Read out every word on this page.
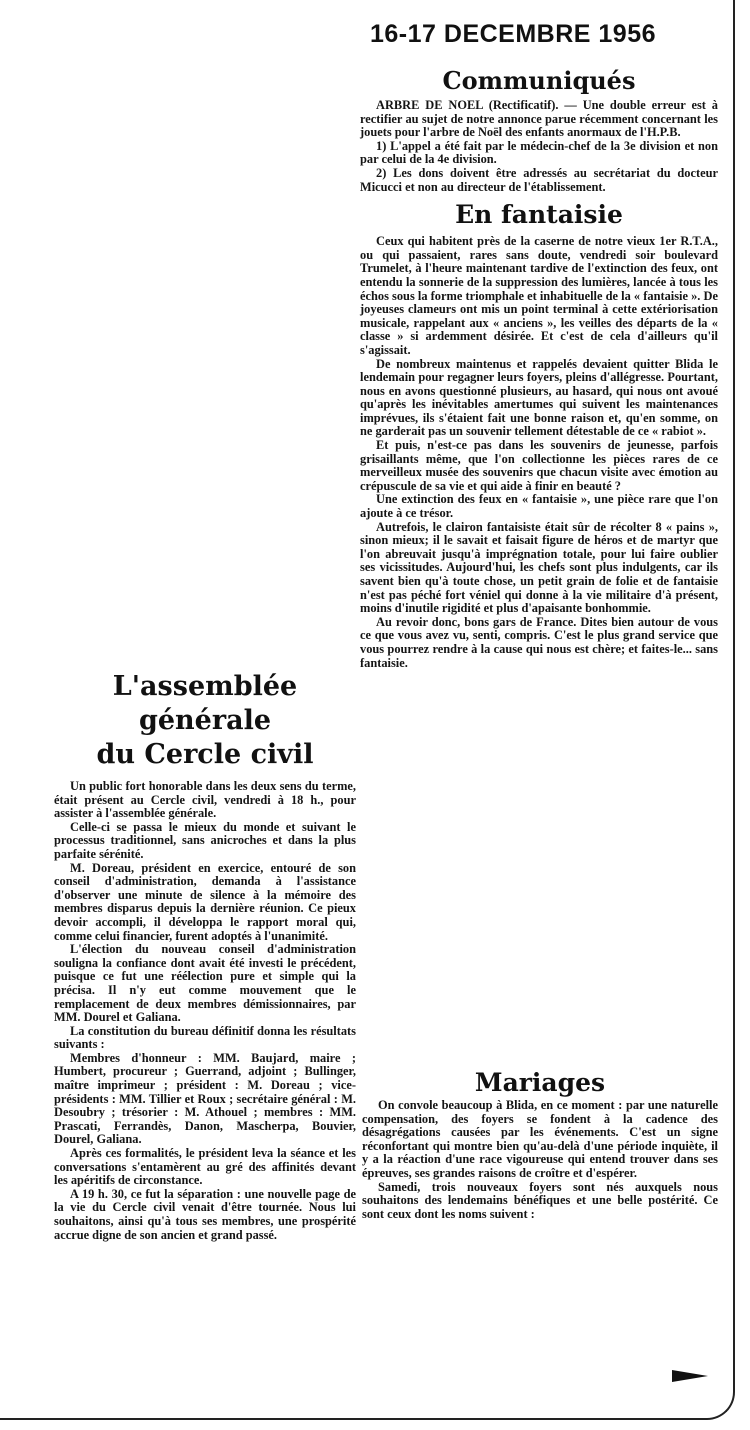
16-17 DECEMBRE 1956
Communiqués

ARBRE DE NOEL (Rectificatif). — Une double erreur est à rectifier au sujet de notre annonce parue récemment concernant les jouets pour l'arbre de Noël des enfants anormaux de l'H.P.B.

1) L'appel a été fait par le médecin-chef de la 3e division et non par celui de la 4e division.

2) Les dons doivent être adressés au secrétariat du docteur Micucci et non au directeur de l'établissement.

En fantaisie

Ceux qui habitent près de la caserne de notre vieux 1er R.T.A., ou qui passaient, rares sans doute, vendredi soir boulevard Trumelet, à l'heure maintenant tardive de l'extinction des feux, ont entendu la sonnerie de la suppression des lumières, lancée à tous les échos sous la forme triomphale et inhabituelle de la « fantaisie ». De joyeuses clameurs ont mis un point terminal à cette extériorisation musicale, rappelant aux « anciens », les veilles des départs de la « classe » si ardemment désirée. Et c'est de cela d'ailleurs qu'il s'agissait.

De nombreux maintenus et rappelés devaient quitter Blida le lendemain pour regagner leurs foyers, pleins d'allégresse. Pourtant, nous en avons questionné plusieurs, au hasard, qui nous ont avoué qu'après les inévitables amertumes qui suivent les maintenances imprévues, ils s'étaient fait une bonne raison et, qu'en somme, on ne garderait pas un souvenir tellement détestable de ce « rabiot ».

Et puis, n'est-ce pas dans les souvenirs de jeunesse, parfois grisaillants même, que l'on collectionne les pièces rares de ce merveilleux musée des souvenirs que chacun visite avec émotion au crépuscule de sa vie et qui aide à finir en beauté ?

Une extinction des feux en « fantaisie », une pièce rare que l'on ajoute à ce trésor.

Autrefois, le clairon fantaisiste était sûr de récolter 8 « pains », sinon mieux; il le savait et faisait figure de héros et de martyr que l'on abreuvait jusqu'à imprégnation totale, pour lui faire oublier ses vicissitudes. Aujourd'hui, les chefs sont plus indulgents, car ils savent bien qu'à toute chose, un petit grain de folie et de fantaisie n'est pas péché fort véniel qui donne à la vie militaire d'à présent, moins d'inutile rigidité et plus d'apaisante bonhommie.

Au revoir donc, bons gars de France. Dites bien autour de vous ce que vous avez vu, senti, compris. C'est le plus grand service que vous pourrez rendre à la cause qui nous est chère; et faites-le... sans fantaisie.

L'assemblée générale
du Cercle civil

Un public fort honorable dans les deux sens du terme, était présent au Cercle civil, vendredi à 18 h., pour assister à l'assemblée générale.

Celle-ci se passa le mieux du monde et suivant le processus traditionnel, sans anicroches et dans la plus parfaite sérénité.

M. Doreau, président en exercice, entouré de son conseil d'administration, demanda à l'assistance d'observer une minute de silence à la mémoire des membres disparus depuis la dernière réunion. Ce pieux devoir accompli, il développa le rapport moral qui, comme celui financier, furent adoptés à l'unanimité.

L'élection du nouveau conseil d'administration souligna la confiance dont avait été investi le précédent, puisque ce fut une réélection pure et simple qui la précisa. Il n'y eut comme mouvement que le remplacement de deux membres démissionnaires, par MM. Dourel et Galiana.

La constitution du bureau définitif donna les résultats suivants :

Membres d'honneur : MM. Baujard, maire ; Humbert, procureur ; Guerrand, adjoint ; Bullinger, maître imprimeur ; président : M. Doreau ; vice-présidents : MM. Tillier et Roux ; secrétaire général : M. Desoubry ; trésorier : M. Athouel ; membres : MM. Prascati, Ferrandès, Danon, Mascherpa, Bouvier, Dourel, Galiana.

Après ces formalités, le président leva la séance et les conversations s'entamèrent au gré des affinités devant les apéritifs de circonstance.

A 19 h. 30, ce fut la séparation : une nouvelle page de la vie du Cercle civil venait d'être tournée. Nous lui souhaitons, ainsi qu'à tous ses membres, une prospérité accrue digne de son ancien et grand passé.

Mariages

On convole beaucoup à Blida, en ce moment : par une naturelle compensation, des foyers se fondent à la cadence des désagrégations causées par les événements. C'est un signe réconfortant qui montre bien qu'au-delà d'une période inquiète, il y a la réaction d'une race vigoureuse qui entend trouver dans ses épreuves, ses grandes raisons de croître et d'espérer.

Samedi, trois nouveaux foyers sont nés auxquels nous souhaitons des lendemains bénéfiques et une belle postérité. Ce sont ceux dont les noms suivent :
